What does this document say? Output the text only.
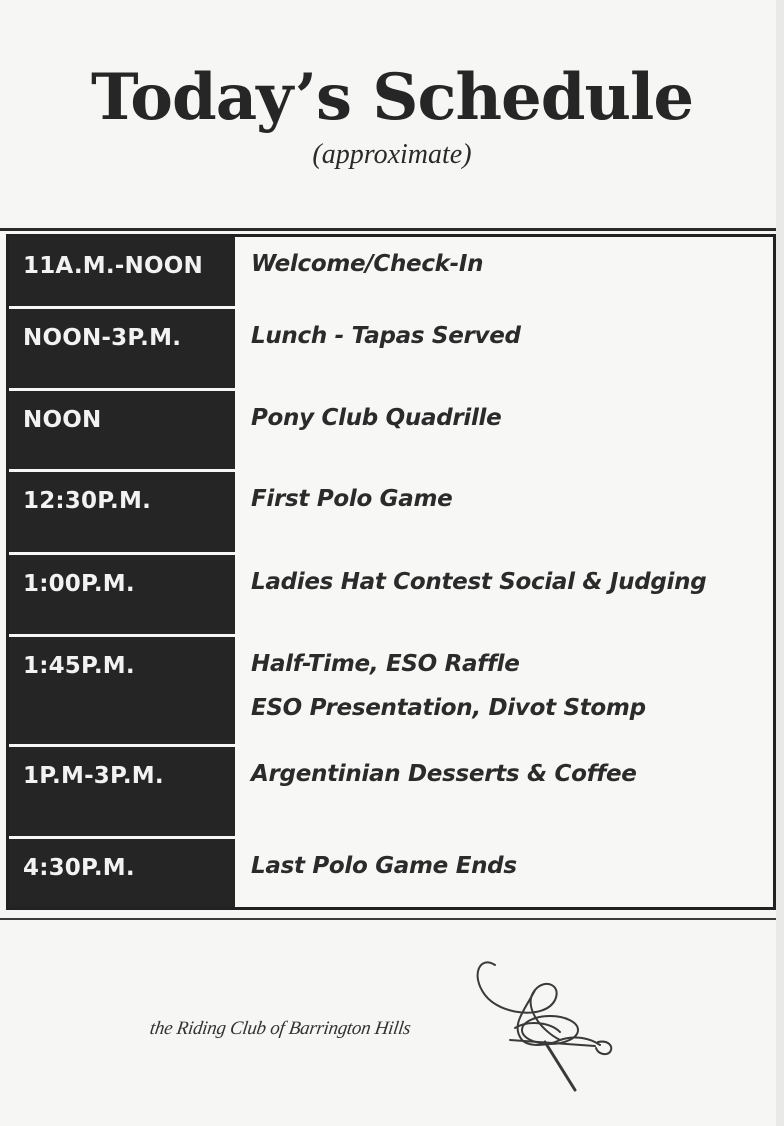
Today’s Schedule
(approximate)
11A.M.-NOON	Welcome/Check-In
NOON-3P.M.	Lunch - Tapas Served
NOON	Pony Club Quadrille
12:30P.M.	First Polo Game
1:00P.M.	Ladies Hat Contest Social & Judging
1:45P.M.	Half-Time, ESO Raffle
ESO Presentation, Divot Stomp
1P.M-3P.M.	Argentinian Desserts & Coffee
4:30P.M.	Last Polo Game Ends
the Riding Club of Barrington Hills
